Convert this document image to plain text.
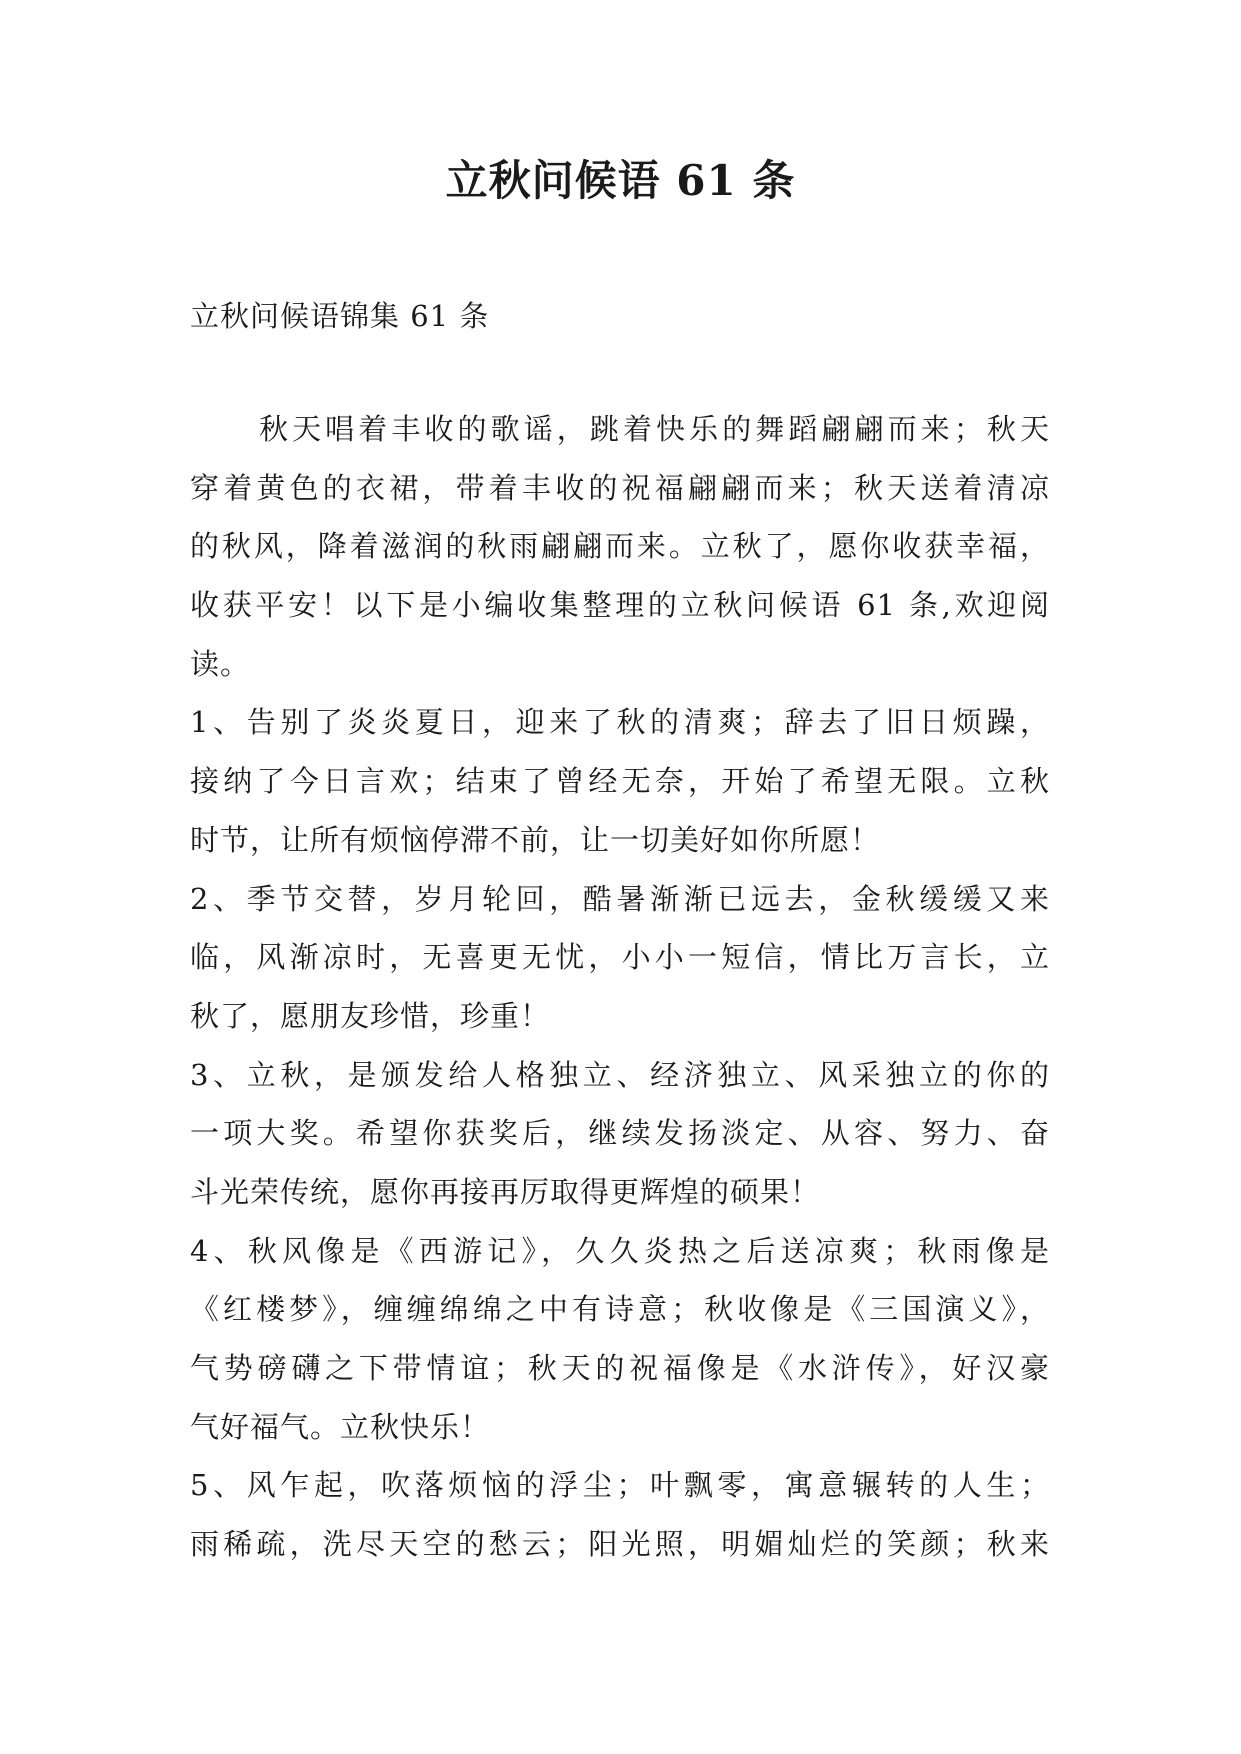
立秋问候语 61 条
立秋问候语锦集 61 条
秋天唱着丰收的歌谣，跳着快乐的舞蹈翩翩而来；秋天
穿着黄色的衣裙，带着丰收的祝福翩翩而来；秋天送着清凉
的秋风，降着滋润的秋雨翩翩而来。立秋了，愿你收获幸福，
收获平安！以下是小编收集整理的立秋问候语 61 条,欢迎阅
读。
1、告别了炎炎夏日，迎来了秋的清爽；辞去了旧日烦躁，
接纳了今日言欢；结束了曾经无奈，开始了希望无限。立秋
时节，让所有烦恼停滞不前，让一切美好如你所愿！
2、季节交替，岁月轮回，酷暑渐渐已远去，金秋缓缓又来
临，风渐凉时，无喜更无忧，小小一短信，情比万言长，立
秋了，愿朋友珍惜，珍重！
3、立秋，是颁发给人格独立、经济独立、风采独立的你的
一项大奖。希望你获奖后，继续发扬淡定、从容、努力、奋
斗光荣传统，愿你再接再厉取得更辉煌的硕果！
4、秋风像是《西游记》，久久炎热之后送凉爽；秋雨像是
《红楼梦》，缠缠绵绵之中有诗意；秋收像是《三国演义》，
气势磅礴之下带情谊；秋天的祝福像是《水浒传》，好汉豪
气好福气。立秋快乐！
5、风乍起，吹落烦恼的浮尘；叶飘零，寓意辗转的人生；
雨稀疏，洗尽天空的愁云；阳光照，明媚灿烂的笑颜；秋来
